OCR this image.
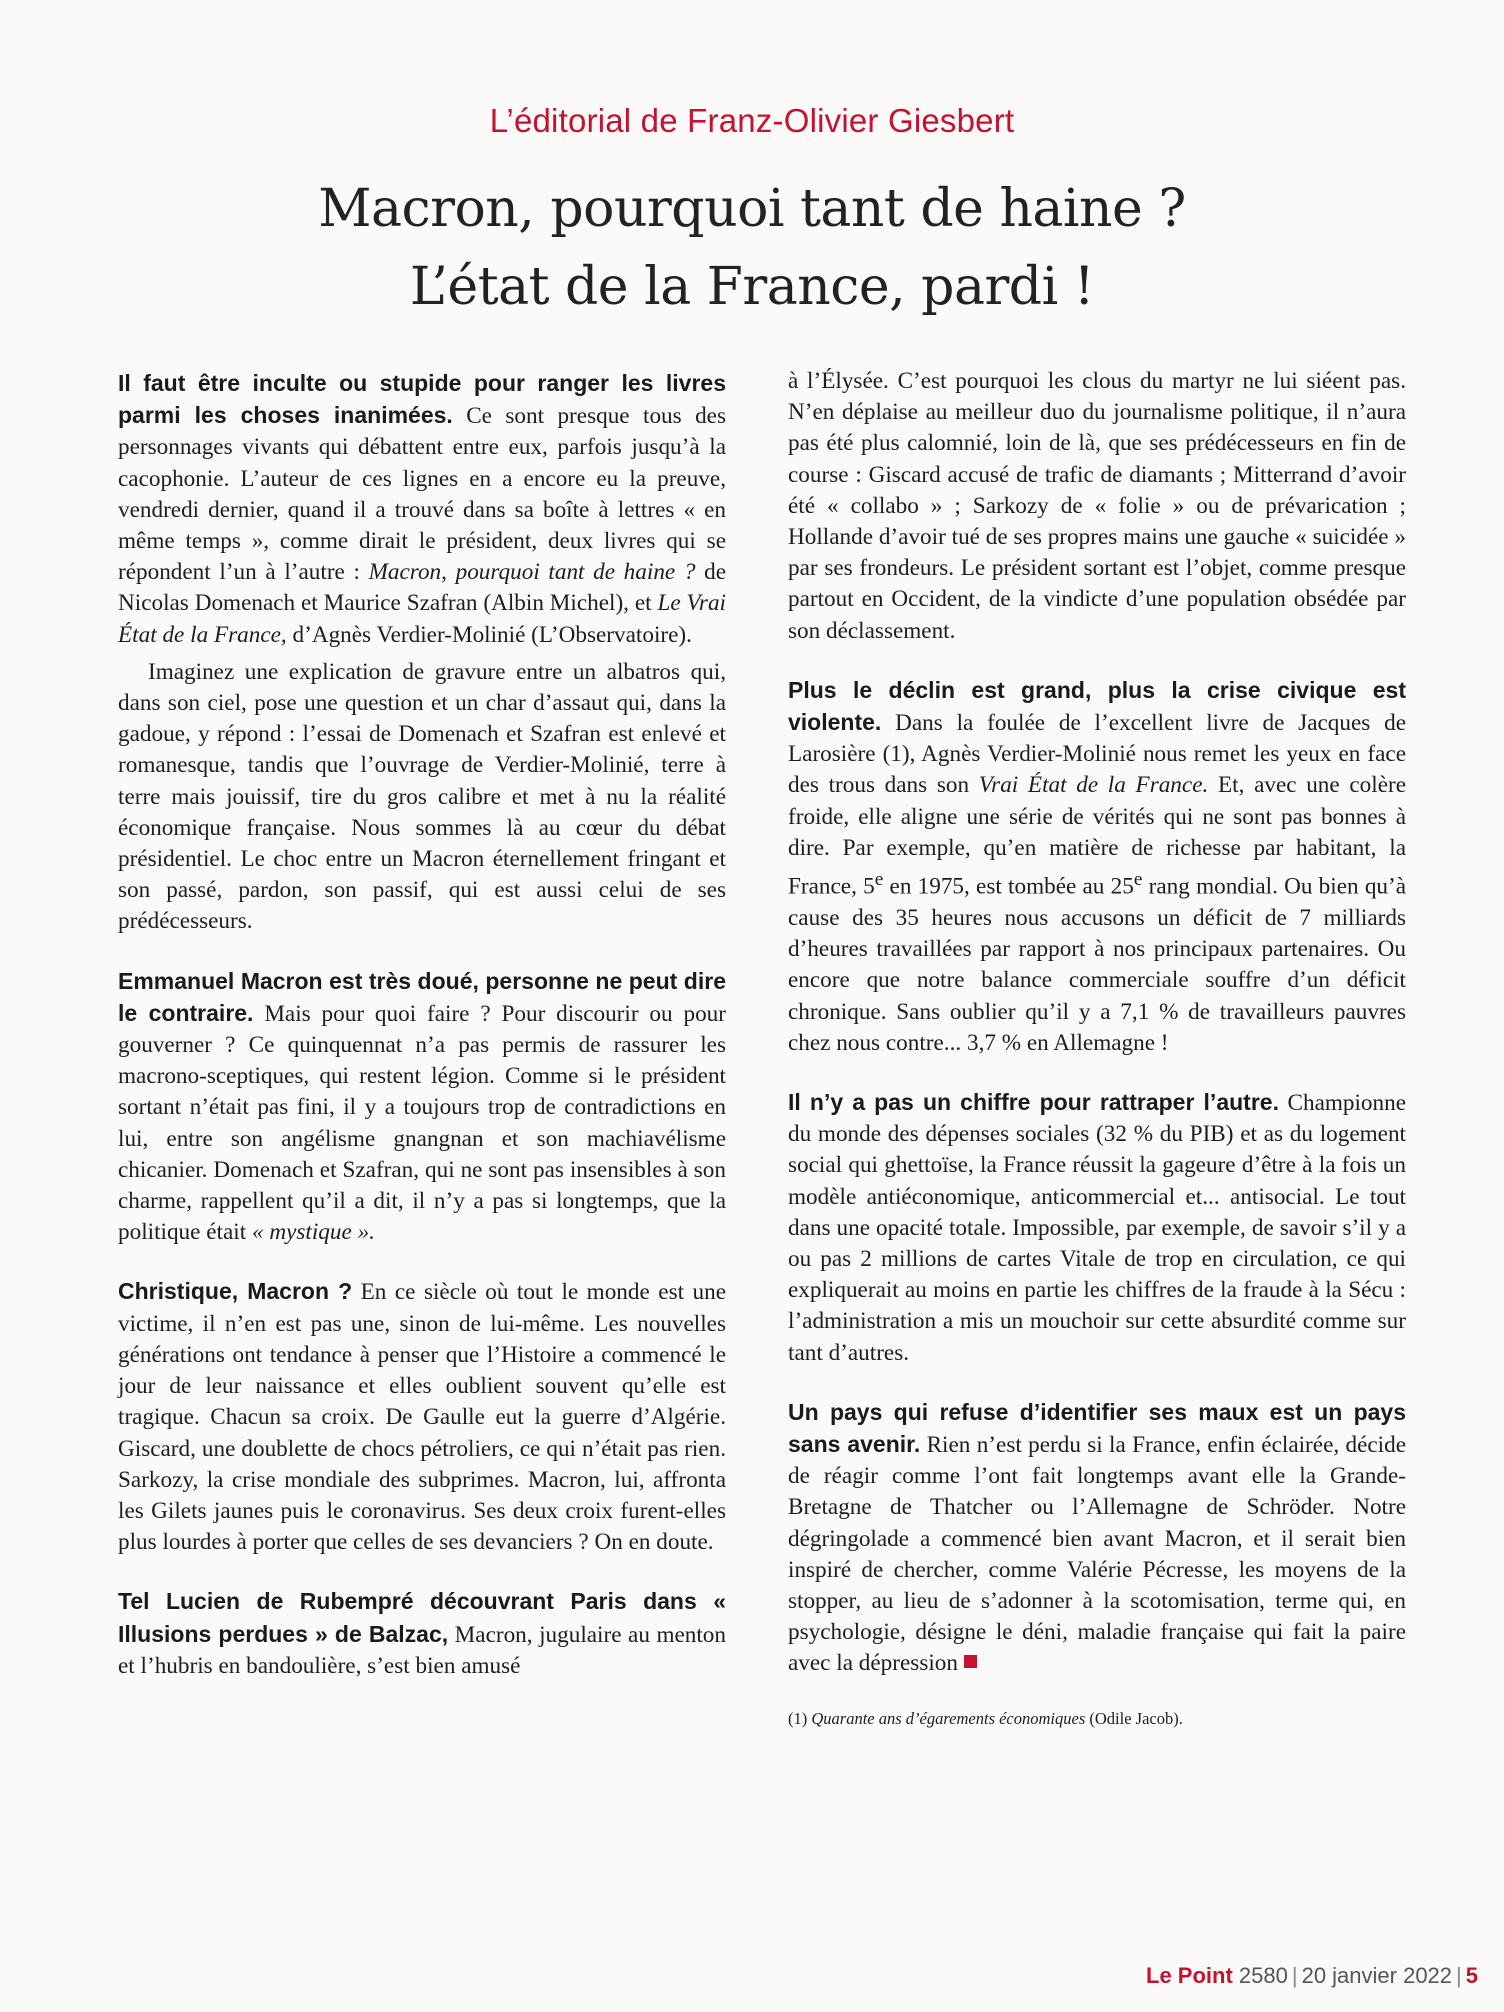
L’éditorial de Franz-Olivier Giesbert
Macron, pourquoi tant de haine ?
L’état de la France, pardi !

Il faut être inculte ou stupide pour ranger les livres parmi les choses inanimées. Ce sont presque tous des personnages vivants qui débattent entre eux, parfois jusqu’à la cacophonie. L’auteur de ces lignes en a encore eu la preuve, vendredi dernier, quand il a trouvé dans sa boîte à lettres « en même temps », comme dirait le président, deux livres qui se répondent l’un à l’autre : Macron, pourquoi tant de haine ? de Nicolas Domenach et Maurice Szafran (Albin Michel), et Le Vrai État de la France, d’Agnès Verdier-Molinié (L’Observatoire).

Imaginez une explication de gravure entre un albatros qui, dans son ciel, pose une question et un char d’assaut qui, dans la gadoue, y répond : l’essai de Domenach et Szafran est enlevé et romanesque, tandis que l’ouvrage de Verdier-Molinié, terre à terre mais jouissif, tire du gros calibre et met à nu la réalité économique française. Nous sommes là au cœur du débat présidentiel. Le choc entre un Macron éternellement fringant et son passé, pardon, son passif, qui est aussi celui de ses prédécesseurs.

Emmanuel Macron est très doué, personne ne peut dire le contraire. Mais pour quoi faire ? Pour discourir ou pour gouverner ? Ce quinquennat n’a pas permis de rassurer les macrono-sceptiques, qui restent légion. Comme si le président sortant n’était pas fini, il y a toujours trop de contradictions en lui, entre son angélisme gnangnan et son machiavélisme chicanier. Domenach et Szafran, qui ne sont pas insensibles à son charme, rappellent qu’il a dit, il n’y a pas si longtemps, que la politique était « mystique ».

Christique, Macron ? En ce siècle où tout le monde est une victime, il n’en est pas une, sinon de lui-même. Les nouvelles générations ont tendance à penser que l’Histoire a commencé le jour de leur naissance et elles oublient souvent qu’elle est tragique. Chacun sa croix. De Gaulle eut la guerre d’Algérie. Giscard, une doublette de chocs pétroliers, ce qui n’était pas rien. Sarkozy, la crise mondiale des subprimes. Macron, lui, affronta les Gilets jaunes puis le coronavirus. Ses deux croix furent-elles plus lourdes à porter que celles de ses devanciers ? On en doute.

Tel Lucien de Rubempré découvrant Paris dans « Illusions perdues » de Balzac, Macron, jugulaire au menton et l’hubris en bandoulière, s’est bien amusé

à l’Élysée. C’est pourquoi les clous du martyr ne lui siéent pas. N’en déplaise au meilleur duo du journalisme politique, il n’aura pas été plus calomnié, loin de là, que ses prédécesseurs en fin de course : Giscard accusé de trafic de diamants ; Mitterrand d’avoir été « collabo » ; Sarkozy de « folie » ou de prévarication ; Hollande d’avoir tué de ses propres mains une gauche « suicidée » par ses frondeurs. Le président sortant est l’objet, comme presque partout en Occident, de la vindicte d’une population obsédée par son déclassement.

Plus le déclin est grand, plus la crise civique est violente. Dans la foulée de l’excellent livre de Jacques de Larosière (1), Agnès Verdier-Molinié nous remet les yeux en face des trous dans son Vrai État de la France. Et, avec une colère froide, elle aligne une série de vérités qui ne sont pas bonnes à dire. Par exemple, qu’en matière de richesse par habitant, la France, 5e en 1975, est tombée au 25e rang mondial. Ou bien qu’à cause des 35 heures nous accusons un déficit de 7 milliards d’heures travaillées par rapport à nos principaux partenaires. Ou encore que notre balance commerciale souffre d’un déficit chronique. Sans oublier qu’il y a 7,1 % de travailleurs pauvres chez nous contre... 3,7 % en Allemagne !

Il n’y a pas un chiffre pour rattraper l’autre. Championne du monde des dépenses sociales (32 % du PIB) et as du logement social qui ghettoïse, la France réussit la gageure d’être à la fois un modèle antiéconomique, anticommercial et... antisocial. Le tout dans une opacité totale. Impossible, par exemple, de savoir s’il y a ou pas 2 millions de cartes Vitale de trop en circulation, ce qui expliquerait au moins en partie les chiffres de la fraude à la Sécu : l’administration a mis un mouchoir sur cette absurdité comme sur tant d’autres.

Un pays qui refuse d’identifier ses maux est un pays sans avenir. Rien n’est perdu si la France, enfin éclairée, décide de réagir comme l’ont fait longtemps avant elle la Grande-Bretagne de Thatcher ou l’Allemagne de Schröder. Notre dégringolade a commencé bien avant Macron, et il serait bien inspiré de chercher, comme Valérie Pécresse, les moyens de la stopper, au lieu de s’adonner à la scotomisation, terme qui, en psychologie, désigne le déni, maladie française qui fait la paire avec la dépression

(1) Quarante ans d’égarements économiques (Odile Jacob).

Le Point 2580 | 20 janvier 2022 | 5
